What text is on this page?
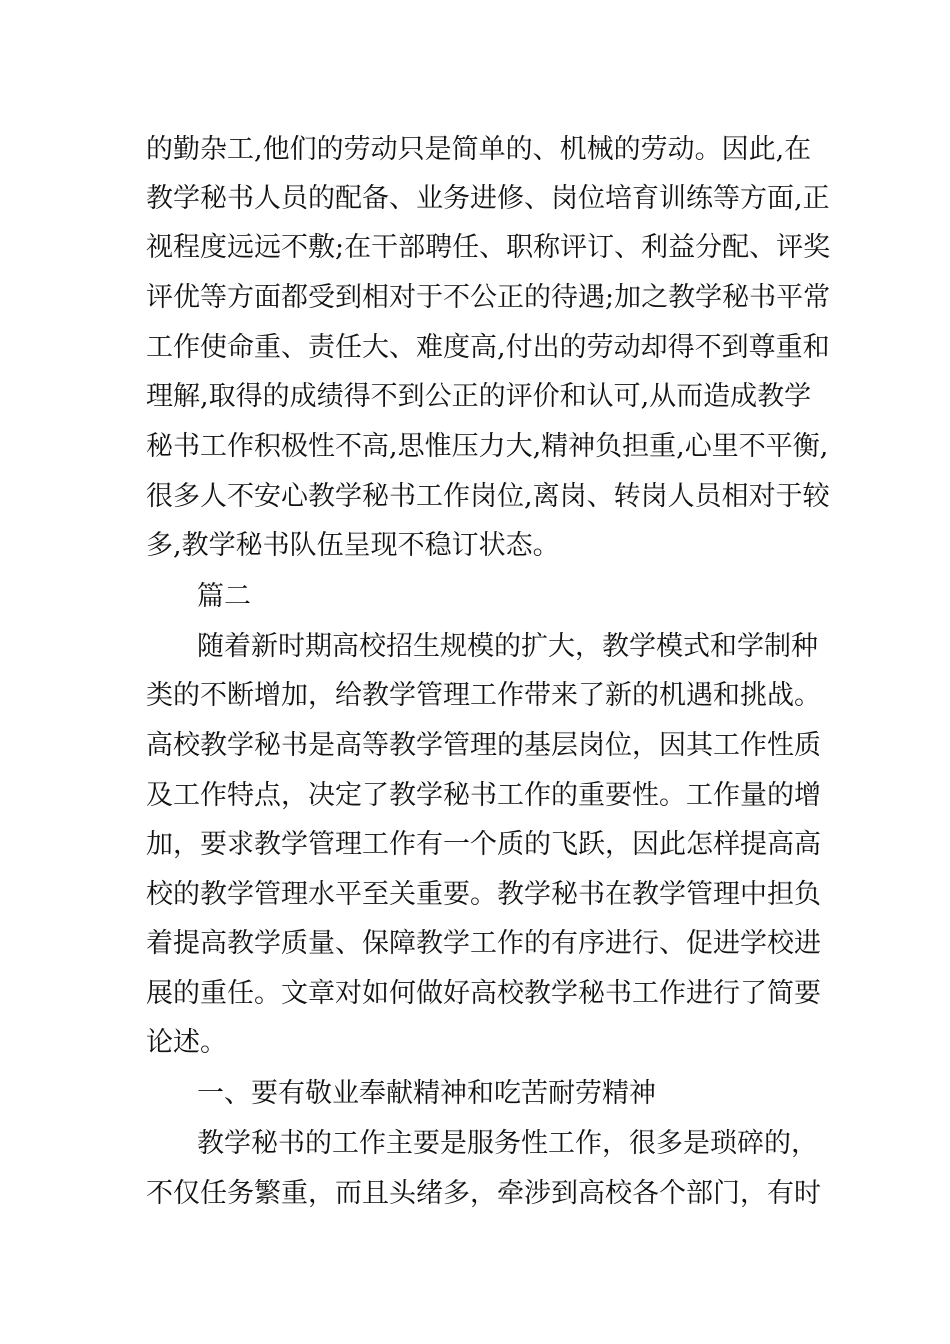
的勤杂工,他们的劳动只是简单的、机械的劳动。因此,在

教学秘书人员的配备、业务进修、岗位培育训练等方面,正

视程度远远不敷;在干部聘任、职称评订、利益分配、评奖

评优等方面都受到相对于不公正的待遇;加之教学秘书平常

工作使命重、责任大、难度高,付出的劳动却得不到尊重和

理解,取得的成绩得不到公正的评价和认可,从而造成教学

秘书工作积极性不高,思惟压力大,精神负担重,心里不平衡,

很多人不安心教学秘书工作岗位,离岗、转岗人员相对于较

多,教学秘书队伍呈现不稳订状态。

篇二

随着新时期高校招生规模的扩大，教学模式和学制种

类的不断增加，给教学管理工作带来了新的机遇和挑战。

高校教学秘书是高等教学管理的基层岗位，因其工作性质

及工作特点，决定了教学秘书工作的重要性。工作量的增

加，要求教学管理工作有一个质的飞跃，因此怎样提高高

校的教学管理水平至关重要。教学秘书在教学管理中担负

着提高教学质量、保障教学工作的有序进行、促进学校进

展的重任。文章对如何做好高校教学秘书工作进行了简要

论述。

一、要有敬业奉献精神和吃苦耐劳精神

教学秘书的工作主要是服务性工作，很多是琐碎的，

不仅任务繁重，而且头绪多，牵涉到高校各个部门，有时
